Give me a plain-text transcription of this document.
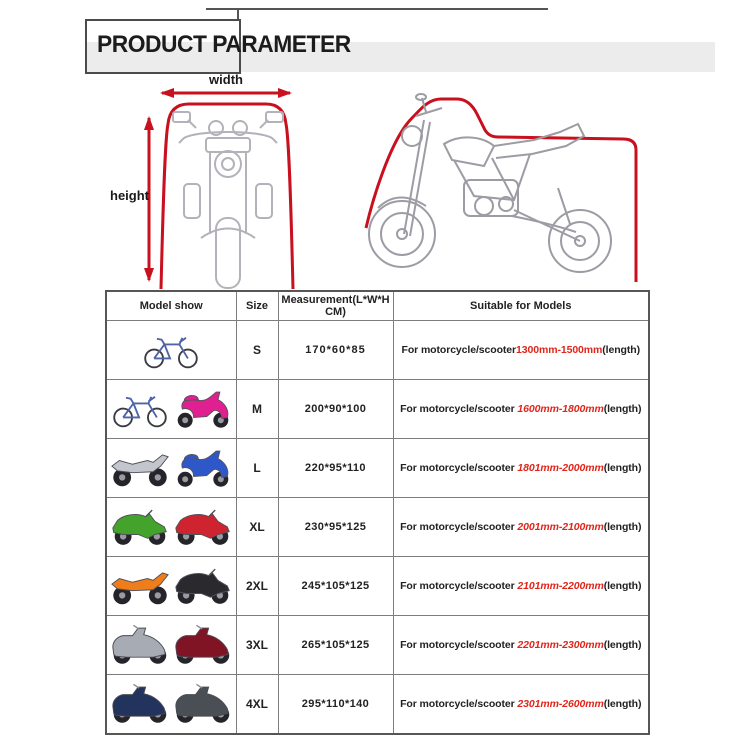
PRODUCT PARAMETER
width
height
Model show	Size	Measurement(L*W*H CM)	Suitable for Models

	S	170*60*85	For motorcycle/scooter1300mm-1500mm(length)

	M	200*90*100	For motorcycle/scooter 1600mm-1800mm(length)

	L	220*95*110	For motorcycle/scooter 1801mm-2000mm(length)

	XL	230*95*125	For motorcycle/scooter 2001mm-2100mm(length)

	2XL	245*105*125	For motorcycle/scooter 2101mm-2200mm(length)

	3XL	265*105*125	For motorcycle/scooter 2201mm-2300mm(length)

	4XL	295*110*140	For motorcycle/scooter 2301mm-2600mm(length)
